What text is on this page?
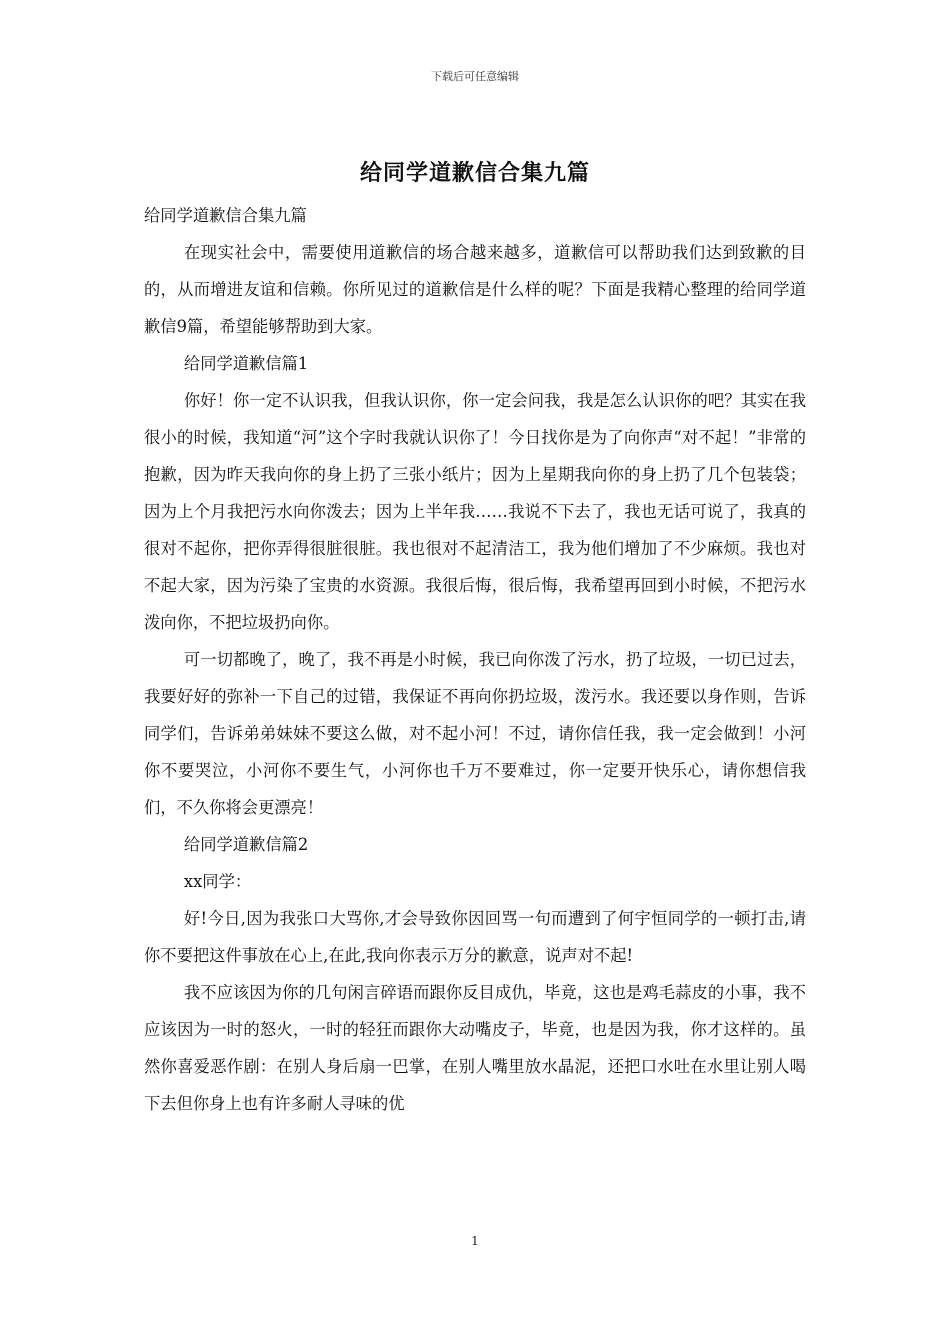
下载后可任意编辑
给同学道歉信合集九篇

给同学道歉信合集九篇

在现实社会中，需要使用道歉信的场合越来越多，道歉信可以帮助我们达到致歉的目的，从而增进友谊和信赖。你所见过的道歉信是什么样的呢？下面是我精心整理的给同学道歉信9篇，希望能够帮助到大家。

给同学道歉信篇1

你好！你一定不认识我，但我认识你，你一定会问我，我是怎么认识你的吧？其实在我很小的时候，我知道“河”这个字时我就认识你了！今日找你是为了向你声“对不起！”非常的抱歉，因为昨天我向你的身上扔了三张小纸片；因为上星期我向你的身上扔了几个包装袋；因为上个月我把污水向你泼去；因为上半年我……我说不下去了，我也无话可说了，我真的很对不起你，把你弄得很脏很脏。我也很对不起清洁工，我为他们增加了不少麻烦。我也对不起大家，因为污染了宝贵的水资源。我很后悔，很后悔，我希望再回到小时候，不把污水泼向你，不把垃圾扔向你。

可一切都晚了，晚了，我不再是小时候，我已向你泼了污水，扔了垃圾，一切已过去，我要好好的弥补一下自己的过错，我保证不再向你扔垃圾，泼污水。我还要以身作则，告诉同学们，告诉弟弟妹妹不要这么做，对不起小河！不过，请你信任我，我一定会做到！小河你不要哭泣，小河你不要生气，小河你也千万不要难过，你一定要开快乐心，请你想信我们，不久你将会更漂亮！

给同学道歉信篇2

xx同学：

好!今日,因为我张口大骂你,才会导致你因回骂一句而遭到了何宇恒同学的一顿打击,请你不要把这件事放在心上,在此,我向你表示万分的歉意，说声对不起!

我不应该因为你的几句闲言碎语而跟你反目成仇，毕竟，这也是鸡毛蒜皮的小事，我不应该因为一时的怒火，一时的轻狂而跟你大动嘴皮子，毕竟，也是因为我，你才这样的。虽然你喜爱恶作剧：在别人身后扇一巴掌，在别人嘴里放水晶泥，还把口水吐在水里让别人喝下去但你身上也有许多耐人寻味的优

1
